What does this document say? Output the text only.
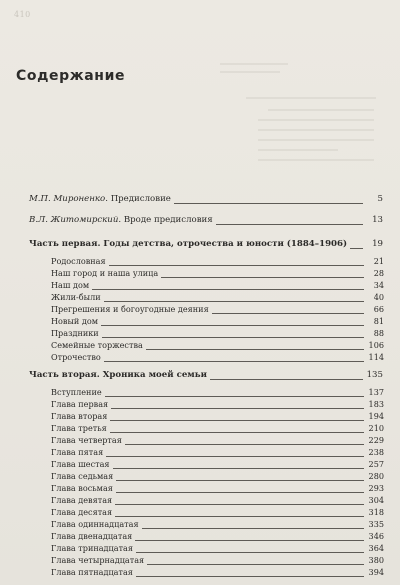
410
Содержание
М.П. Мироненко. Предисловие	5
В.Л. Житомирский. Вроде предисловия	13
Часть первая. Годы детства, отрочества и юности (1884–1906)	19
Родословная	21
Наш город и наша улица	28
Наш дом	34
Жили-были	40
Прегрешения и богоугодные деяния	66
Новый дом	81
Праздники	88
Семейные торжества	106
Отрочество	114
Часть вторая. Хроника моей семьи	135
Вступление	137
Глава первая	183
Глава вторая	194
Глава третья	210
Глава четвертая	229
Глава пятая	238
Глава шестая	257
Глава седьмая	280
Глава восьмая	293
Глава девятая	304
Глава десятая	318
Глава одиннадцатая	335
Глава двенадцатая	346
Глава тринадцатая	364
Глава четырнадцатая	380
Глава пятнадцатая	394
